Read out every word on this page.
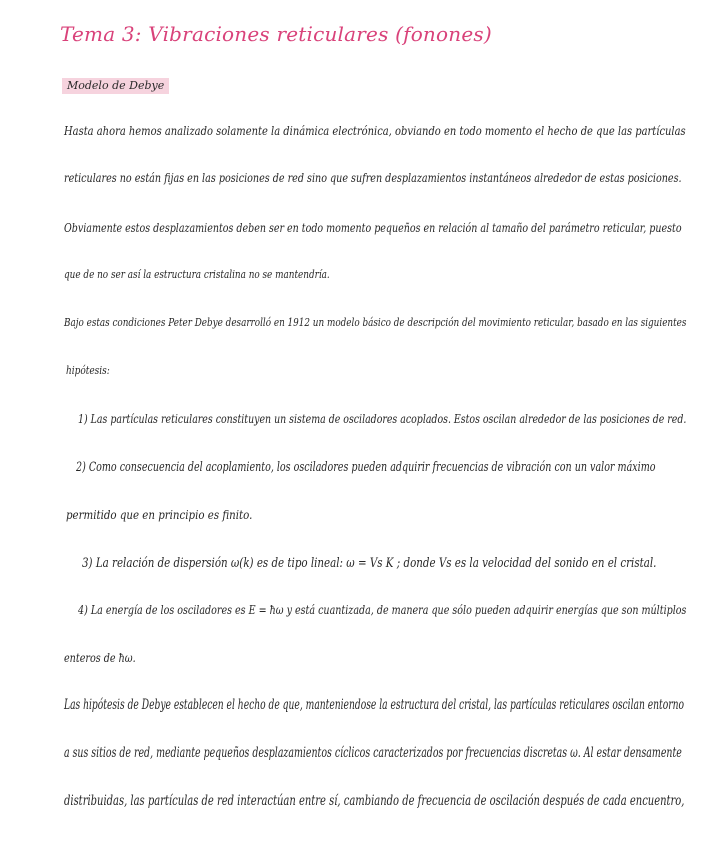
Tema 3: Vibraciones reticulares (fonones)
Modelo de Debye
Hasta ahora hemos analizado solamente la dinámica electrónica, obviando en todo momento el hecho de que las partículas
reticulares no están fijas en las posiciones de red sino que sufren desplazamientos instantáneos alrededor de estas posiciones.
Obviamente estos desplazamientos deben ser en todo momento pequeños en relación al tamaño del parámetro reticular, puesto
que de no ser así la estructura cristalina no se mantendría.
Bajo estas condiciones Peter Debye desarrolló en 1912 un modelo básico de descripción del movimiento reticular, basado en las siguientes
hipótesis:
1) Las partículas reticulares constituyen un sistema de osciladores acoplados. Estos oscilan alrededor de las posiciones de red.
2) Como consecuencia del acoplamiento, los osciladores pueden adquirir frecuencias de vibración con un valor máximo
permitido que en principio es finito.
3) La relación de dispersión ω(k) es de tipo lineal: ω = Vs K ; donde Vs es la velocidad del sonido en el cristal.
4) La energía de los osciladores es E = ħω y está cuantizada, de manera que sólo pueden adquirir energías que son múltiplos
enteros de ħω.
Las hipótesis de Debye establecen el hecho de que, manteniendose la estructura del cristal, las partículas reticulares oscilan entorno
a sus sitios de red, mediante pequeños desplazamientos cíclicos caracterizados por frecuencias discretas ω. Al estar densamente
distribuidas, las partículas de red interactúan entre sí, cambiando de frecuencia de oscilación después de cada encuentro,
